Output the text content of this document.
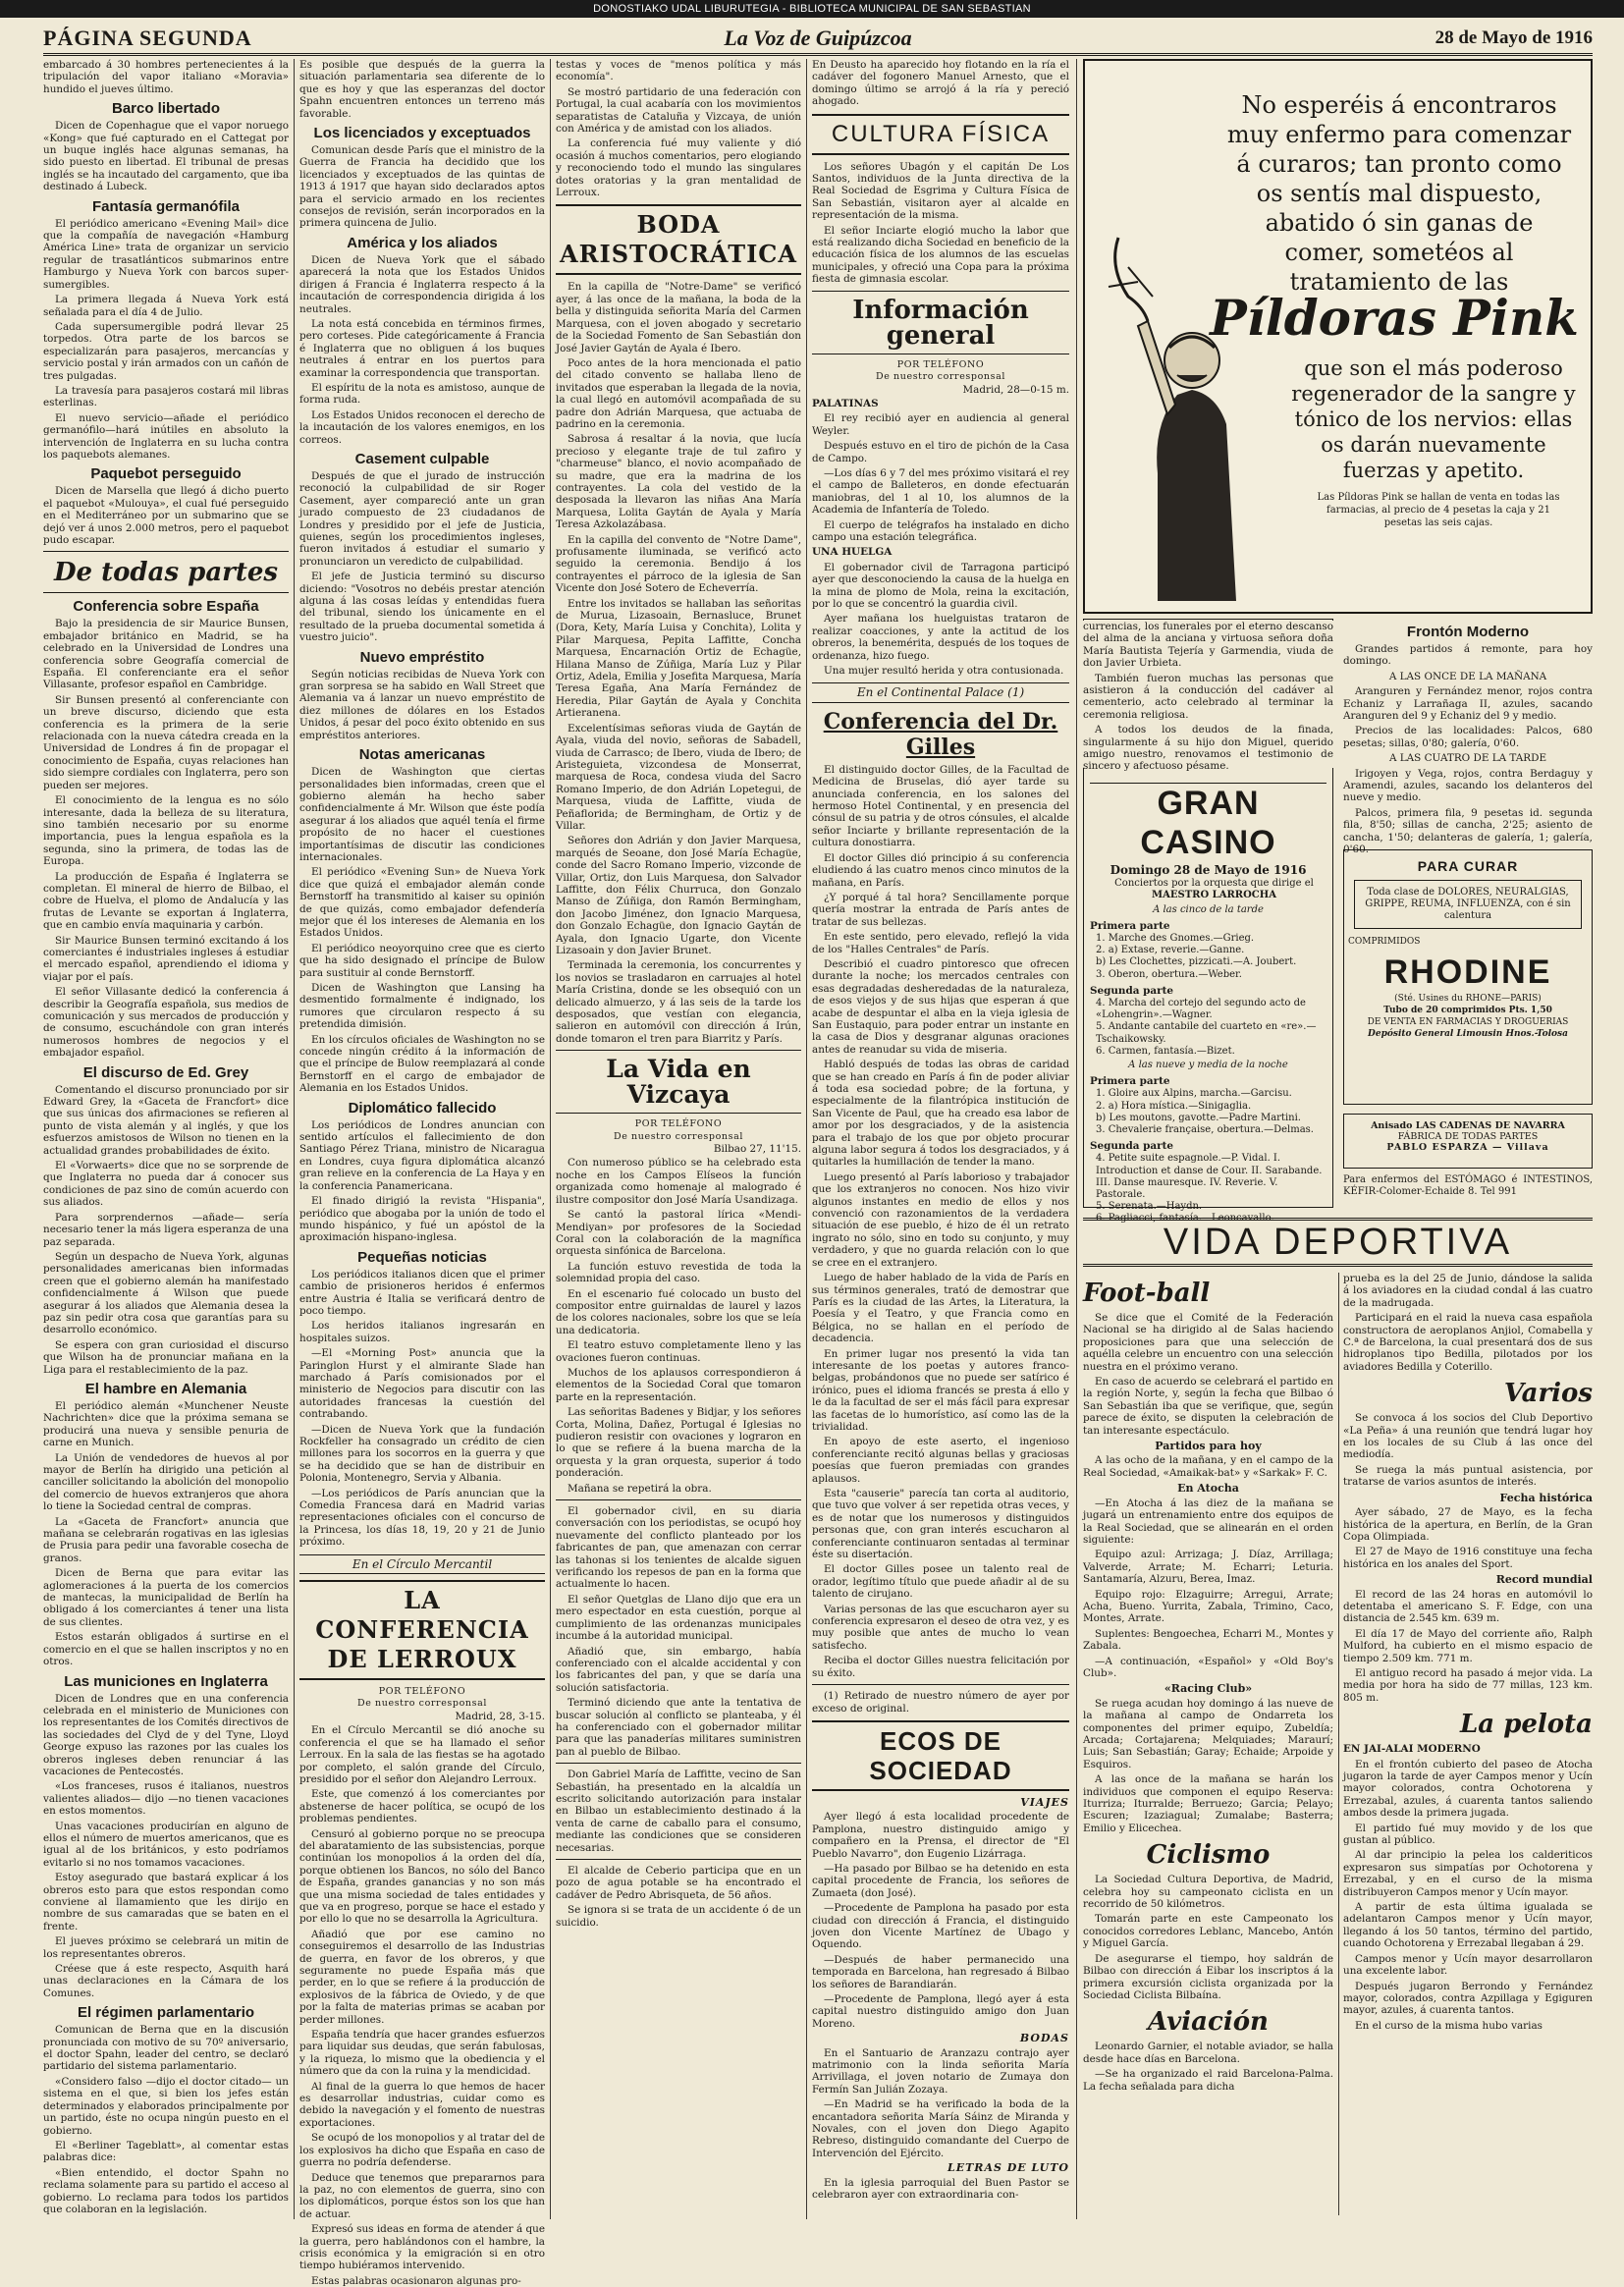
DONOSTIAKO UDAL LIBURUTEGIA - BIBLIOTECA MUNICIPAL DE SAN SEBASTIAN
PÁGINA SEGUNDA	La Voz de Guipúzcoa	28 de Mayo de 1916

embarcado á 30 hombres pertenecientes á la tripulación del vapor italiano «Moravia» hundido el jueves último.

Barco libertado

Dicen de Copenhague que el vapor noruego «Kong» que fué capturado en el Cattegat por un buque inglés hace algunas semanas, ha sido puesto en libertad. El tribunal de presas inglés se ha incautado del cargamento, que iba destinado á Lubeck.

Fantasía germanófila

El periódico americano «Evening Mail» dice que la compañía de navegación «Hamburg América Line» trata de organizar un servicio regular de trasatlánticos submarinos entre Hamburgo y Nueva York con barcos super-sumergibles.

La primera llegada á Nueva York está señalada para el día 4 de Julio.

Cada supersumergible podrá llevar 25 torpedos. Otra parte de los barcos se especializarán para pasajeros, mercancías y servicio postal y irán armados con un cañón de tres pulgadas.

La travesía para pasajeros costará mil libras esterlinas.

El nuevo servicio—añade el periódico germanófilo—hará inútiles en absoluto la intervención de Inglaterra en su lucha contra los paquebots alemanes.

Paquebot perseguido

Dicen de Marsella que llegó á dicho puerto el paquebot «Mulouya», el cual fué perseguido en el Mediterráneo por un submarino que se dejó ver á unos 2.000 metros, pero el paquebot pudo escapar.

De todas partes
Conferencia sobre España

Bajo la presidencia de sir Maurice Bunsen, embajador británico en Madrid, se ha celebrado en la Universidad de Londres una conferencia sobre Geografía comercial de España. El conferenciante era el señor Villasante, profesor español en Cambridge.

Sir Bunsen presentó al conferenciante con un breve discurso, diciendo que esta conferencia es la primera de la serie relacionada con la nueva cátedra creada en la Universidad de Londres á fin de propagar el conocimiento de España, cuyas relaciones han sido siempre cordiales con Inglaterra, pero son pueden ser mejores.

El conocimiento de la lengua es no sólo interesante, dada la belleza de su literatura, sino también necesario por su enorme importancia, pues la lengua española es la segunda, sino la primera, de todas las de Europa.

La producción de España é Inglaterra se completan. El mineral de hierro de Bilbao, el cobre de Huelva, el plomo de Andalucía y las frutas de Levante se exportan á Inglaterra, que en cambio envía maquinaria y carbón.

Sir Maurice Bunsen terminó excitando á los comerciantes é industriales ingleses á estudiar el mercado español, aprendiendo el idioma y viajar por el país.

El señor Villasante dedicó la conferencia á describir la Geografía española, sus medios de comunicación y sus mercados de producción y de consumo, escuchándole con gran interés numerosos hombres de negocios y el embajador español.

El discurso de Ed. Grey

Comentando el discurso pronunciado por sir Edward Grey, la «Gaceta de Francfort» dice que sus únicas dos afirmaciones se refieren al punto de vista alemán y al inglés, y que los esfuerzos amistosos de Wilson no tienen en la actualidad grandes probabilidades de éxito.

El «Vorwaerts» dice que no se sorprende de que Inglaterra no pueda dar á conocer sus condiciones de paz sino de común acuerdo con sus aliados.

Para sorprendernos —añade— sería necesario tener la más ligera esperanza de una paz separada.

Según un despacho de Nueva York, algunas personalidades americanas bien informadas creen que el gobierno alemán ha manifestado confidencialmente á Wilson que puede asegurar á los aliados que Alemania desea la paz sin pedir otra cosa que garantías para su desarrollo económico.

Se espera con gran curiosidad el discurso que Wilson ha de pronunciar mañana en la Liga para el restablecimiento de la paz.

El hambre en Alemania

El periódico alemán «Munchener Neuste Nachrichten» dice que la próxima semana se producirá una nueva y sensible penuria de carne en Munich.

La Unión de vendedores de huevos al por mayor de Berlín ha dirigido una petición al canciller solicitando la abolición del monopolio del comercio de huevos extranjeros que ahora lo tiene la Sociedad central de compras.

La «Gaceta de Francfort» anuncia que mañana se celebrarán rogativas en las iglesias de Prusia para pedir una favorable cosecha de granos.

Dicen de Berna que para evitar las aglomeraciones á la puerta de los comercios de mantecas, la municipalidad de Berlín ha obligado á los comerciantes á tener una lista de sus clientes.

Estos estarán obligados á surtirse en el comercio en el que se hallen inscriptos y no en otros.

Las municiones en Inglaterra

Dicen de Londres que en una conferencia celebrada en el ministerio de Municiones con los representantes de los Comités directivos de las sociedades del Clyd de y del Tyne, Lloyd George expuso las razones por las cuales los obreros ingleses deben renunciar á las vacaciones de Pentecostés.

«Los franceses, rusos é italianos, nuestros valientes aliados— dijo —no tienen vacaciones en estos momentos.

Unas vacaciones producirían en alguno de ellos el número de muertos americanos, que es igual al de los británicos, y esto podríamos evitarlo si no nos tomamos vacaciones.

Estoy asegurado que bastará explicar á los obreros esto para que estos respondan como conviene al llamamiento que les dirijo en nombre de sus camaradas que se baten en el frente.

El jueves próximo se celebrará un mitin de los representantes obreros.

Créese que á este respecto, Asquith hará unas declaraciones en la Cámara de los Comunes.

El régimen parlamentario

Comunican de Berna que en la discusión pronunciada con motivo de su 70º aniversario, el doctor Spahn, leader del centro, se declaró partidario del sistema parlamentario.

«Considero falso —dijo el doctor citado— un sistema en el que, si bien los jefes están determinados y elaborados principalmente por un partido, éste no ocupa ningún puesto en el gobierno.

El «Berliner Tageblatt», al comentar estas palabras dice:

«Bien entendido, el doctor Spahn no reclama solamente para su partido el acceso al gobierno. Lo reclama para todos los partidos que colaboran en la legislación.

Es posible que después de la guerra la situación parlamentaria sea diferente de lo que es hoy y que las esperanzas del doctor Spahn encuentren entonces un terreno más favorable.

Los licenciados y exceptuados

Comunican desde París que el ministro de la Guerra de Francia ha decidido que los licenciados y exceptuados de las quintas de 1913 á 1917 que hayan sido declarados aptos para el servicio armado en los recientes consejos de revisión, serán incorporados en la primera quincena de Julio.

América y los aliados

Dicen de Nueva York que el sábado aparecerá la nota que los Estados Unidos dirigen á Francia é Inglaterra respecto á la incautación de correspondencia dirigida á los neutrales.

La nota está concebida en términos firmes, pero corteses. Pide categóricamente á Francia é Inglaterra que no obliguen á los buques neutrales á entrar en los puertos para examinar la correspondencia que transportan.

El espíritu de la nota es amistoso, aunque de forma ruda.

Los Estados Unidos reconocen el derecho de la incautación de los valores enemigos, en los correos.

Casement culpable

Después de que el jurado de instrucción reconoció la culpabilidad de sir Roger Casement, ayer compareció ante un gran jurado compuesto de 23 ciudadanos de Londres y presidido por el jefe de Justicia, quienes, según los procedimientos ingleses, fueron invitados á estudiar el sumario y pronunciaron un veredicto de culpabilidad.

El jefe de Justicia terminó su discurso diciendo: "Vosotros no debéis prestar atención alguna á las cosas leídas y entendidas fuera del tribunal, siendo los únicamente en el resultado de la prueba documental sometida á vuestro juicio".

Nuevo empréstito

Según noticias recibidas de Nueva York con gran sorpresa se ha sabido en Wall Street que Alemania va á lanzar un nuevo empréstito de diez millones de dólares en los Estados Unidos, á pesar del poco éxito obtenido en sus empréstitos anteriores.

Notas americanas

Dicen de Washington que ciertas personalidades bien informadas, creen que el gobierno alemán ha hecho saber confidencialmente á Mr. Wilson que éste podía asegurar á los aliados que aquél tenía el firme propósito de no hacer el cuestiones importantísimas de discutir las condiciones internacionales.

El periódico «Evening Sun» de Nueva York dice que quizá el embajador alemán conde Bernstorff ha transmitido al kaiser su opinión de que quizás, como embajador defendería mejor que él los intereses de Alemania en los Estados Unidos.

El periódico neoyorquino cree que es cierto que ha sido designado el príncipe de Bulow para sustituir al conde Bernstorff.

Dicen de Washington que Lansing ha desmentido formalmente é indignado, los rumores que circularon respecto á su pretendida dimisión.

En los círculos oficiales de Washington no se concede ningún crédito á la información de que el príncipe de Bulow reemplazará al conde Bernstorff en el cargo de embajador de Alemania en los Estados Unidos.

Diplomático fallecido

Los periódicos de Londres anuncian con sentido artículos el fallecimiento de don Santiago Pérez Triana, ministro de Nicaragua en Londres, cuya figura diplomática alcanzó gran relieve en la conferencia de La Haya y en la conferencia Panamericana.

El finado dirigió la revista "Hispania", periódico que abogaba por la unión de todo el mundo hispánico, y fué un apóstol de la aproximación hispano-inglesa.

Pequeñas noticias

Los periódicos italianos dicen que el primer cambio de prisioneros heridos é enfermos entre Austria é Italia se verificará dentro de poco tiempo.

Los heridos italianos ingresarán en hospitales suizos.

—El «Morning Post» anuncia que la Paringlon Hurst y el almirante Slade han marchado á París comisionados por el ministerio de Negocios para discutir con las autoridades francesas la cuestión del contrabando.

—Dicen de Nueva York que la fundación Rockfeller ha consagrado un crédito de cien millones para los socorros en la guerra y que se ha decidido que se han de distribuir en Polonia, Montenegro, Servia y Albania.

—Los periódicos de París anuncian que la Comedia Francesa dará en Madrid varias representaciones oficiales con el concurso de la Princesa, los días 18, 19, 20 y 21 de Junio próximo.

En el Círculo Mercantil
LA CONFERENCIA DE LERROUX

POR TELÉFONO

De nuestro corresponsal

Madrid, 28, 3-15.

En el Círculo Mercantil se dió anoche su conferencia el que se ha llamado el señor Lerroux. En la sala de las fiestas se ha agotado por completo, el salón grande del Círculo, presidido por el señor don Alejandro Lerroux.

Este, que comenzó á los comerciantes por abstenerse de hacer política, se ocupó de los problemas pendientes.

Censuró al gobierno porque no se preocupa del abaratamiento de las subsistencias, porque continúan los monopolios á la orden del día, porque obtienen los Bancos, no sólo del Banco de España, grandes ganancias y no son más que una misma sociedad de tales entidades y que va en progreso, porque se hace el estado y por ello lo que no se desarrolla la Agricultura.

Añadió que por ese camino no conseguiremos el desarrollo de las Industrias de guerra, en favor de los obreros, y que seguramente no puede España más que perder, en lo que se refiere á la producción de explosivos de la fábrica de Oviedo, y de que por la falta de materias primas se acaban por perder millones.

España tendría que hacer grandes esfuerzos para liquidar sus deudas, que serán fabulosas, y la riqueza, lo mismo que la obediencia y el número que da con la ruina y la mendicidad.

Al final de la guerra lo que hemos de hacer es desarrollar industrias, cuidar como es debido la navegación y el fomento de nuestras exportaciones.

Se ocupó de los monopolios y al tratar del de los explosivos ha dicho que España en caso de guerra no podría defenderse.

Deduce que tenemos que prepararnos para la paz, no con elementos de guerra, sino con los diplomáticos, porque éstos son los que han de actuar.

Expresó sus ideas en forma de atender á que la guerra, pero hablándonos con el hambre, la crisis económica y la emigración si en otro tiempo hubiéramos intervenido.

Estas palabras ocasionaron algunas pro-

testas y voces de "menos política y más economía".

Se mostró partidario de una federación con Portugal, la cual acabaría con los movimientos separatistas de Cataluña y Vizcaya, de unión con América y de amistad con los aliados.

La conferencia fué muy valiente y dió ocasión á muchos comentarios, pero elogiando y reconociendo todo el mundo las singulares dotes oratorias y la gran mentalidad de Lerroux.

BODA ARISTOCRÁTICA

En la capilla de "Notre-Dame" se verificó ayer, á las once de la mañana, la boda de la bella y distinguida señorita María del Carmen Marquesa, con el joven abogado y secretario de la Sociedad Fomento de San Sebastián don José Javier Gaytán de Ayala é Ibero.

Poco antes de la hora mencionada el patio del citado convento se hallaba lleno de invitados que esperaban la llegada de la novia, la cual llegó en automóvil acompañada de su padre don Adrián Marquesa, que actuaba de padrino en la ceremonia.

Sabrosa á resaltar á la novia, que lucía precioso y elegante traje de tul zafiro y "charmeuse" blanco, el novio acompañado de su madre, que era la madrina de los contrayentes. La cola del vestido de la desposada la llevaron las niñas Ana María Marquesa, Lolita Gaytán de Ayala y María Teresa Azkolazábasa.

En la capilla del convento de "Notre Dame", profusamente iluminada, se verificó acto seguido la ceremonia. Bendijo á los contrayentes el párroco de la iglesia de San Vicente don José Sotero de Echeverría.

Entre los invitados se hallaban las señoritas de Murua, Lizasoain, Bernasluce, Brunet (Dora, Kety, María Luisa y Conchita), Lolita y Pilar Marquesa, Pepita Laffitte, Concha Marquesa, Encarnación Ortiz de Echagüe, Hilana Manso de Zúñiga, María Luz y Pilar Ortiz, Adela, Emilia y Josefita Marquesa, María Teresa Egaña, Ana María Fernández de Heredia, Pilar Gaytán de Ayala y Conchita Artieranena.

Excelentísimas señoras viuda de Gaytán de Ayala, viuda del novio, señoras de Sabadell, viuda de Carrasco; de Ibero, viuda de Ibero; de Aristeguieta, vizcondesa de Monserrat, marquesa de Roca, condesa viuda del Sacro Romano Imperio, de don Adrián Lopetegui, de Marquesa, viuda de Laffitte, viuda de Peñaflorida; de Bermingham, de Ortiz y de Villar.

Señores don Adrián y don Javier Marquesa, marqués de Seoane, don José María Echagüe, conde del Sacro Romano Imperio, vizconde de Villar, Ortiz, don Luis Marquesa, don Salvador Laffitte, don Félix Churruca, don Gonzalo Manso de Zúñiga, don Ramón Bermingham, don Jacobo Jiménez, don Ignacio Marquesa, don Gonzalo Echagüe, don Ignacio Gaytán de Ayala, don Ignacio Ugarte, don Vicente Lizasoain y don Javier Brunet.

Terminada la ceremonia, los concurrentes y los novios se trasladaron en carruajes al hotel María Cristina, donde se les obsequió con un delicado almuerzo, y á las seis de la tarde los desposados, que vestían con elegancia, salieron en automóvil con dirección á Irún, donde tomaron el tren para Biarritz y París.

La Vida en Vizcaya

POR TELÉFONO

De nuestro corresponsal

Bilbao 27, 11'15.

Con numeroso público se ha celebrado esta noche en los Campos Elíseos la función organizada como homenaje al malogrado é ilustre compositor don José María Usandizaga.

Se cantó la pastoral lírica «Mendi-Mendiyan» por profesores de la Sociedad Coral con la colaboración de la magnífica orquesta sinfónica de Barcelona.

La función estuvo revestida de toda la solemnidad propia del caso.

En el escenario fué colocado un busto del compositor entre guirnaldas de laurel y lazos de los colores nacionales, sobre los que se leía una dedicatoria.

El teatro estuvo completamente lleno y las ovaciones fueron continuas.

Muchos de los aplausos correspondieron á elementos de la Sociedad Coral que tomaron parte en la representación.

Las señoritas Badenes y Bidjar, y los señores Corta, Molina, Dañez, Portugal é Iglesias no pudieron resistir con ovaciones y lograron en lo que se refiere á la buena marcha de la orquesta y la gran orquesta, superior á todo ponderación.

Mañana se repetirá la obra.

El gobernador civil, en su diaria conversación con los periodistas, se ocupó hoy nuevamente del conflicto planteado por los fabricantes de pan, que amenazan con cerrar las tahonas si los tenientes de alcalde siguen verificando los repesos de pan en la forma que actualmente lo hacen.

El señor Quetglas de Llano dijo que era un mero espectador en esta cuestión, porque al cumplimiento de las ordenanzas municipales incumbe á la autoridad municipal.

Añadió que, sin embargo, había conferenciado con el alcalde accidental y con los fabricantes del pan, y que se daría una solución satisfactoria.

Terminó diciendo que ante la tentativa de buscar solución al conflicto se planteaba, y él ha conferenciado con el gobernador militar para que las panaderías militares suministren pan al pueblo de Bilbao.

Don Gabriel María de Laffitte, vecino de San Sebastián, ha presentado en la alcaldía un escrito solicitando autorización para instalar en Bilbao un establecimiento destinado á la venta de carne de caballo para el consumo, mediante las condiciones que se consideren necesarias.

El alcalde de Ceberio participa que en un pozo de agua potable se ha encontrado el cadáver de Pedro Abrisqueta, de 56 años.

Se ignora si se trata de un accidente ó de un suicidio.

En Deusto ha aparecido hoy flotando en la ría el cadáver del fogonero Manuel Arnesto, que el domingo último se arrojó á la ría y pereció ahogado.

CULTURA FÍSICA

Los señores Ubagón y el capitán De Los Santos, individuos de la Junta directiva de la Real Sociedad de Esgrima y Cultura Física de San Sebastián, visitaron ayer al alcalde en representación de la misma.

El señor Inciarte elogió mucho la labor que está realizando dicha Sociedad en beneficio de la educación física de los alumnos de las escuelas municipales, y ofreció una Copa para la próxima fiesta de gimnasia escolar.

Información general

POR TELÉFONO

De nuestro corresponsal

Madrid, 28—0-15 m.

PALATINAS

El rey recibió ayer en audiencia al general Weyler.

Después estuvo en el tiro de pichón de la Casa de Campo.

—Los días 6 y 7 del mes próximo visitará el rey el campo de Balleteros, en donde efectuarán maniobras, del 1 al 10, los alumnos de la Academia de Infantería de Toledo.

El cuerpo de telégrafos ha instalado en dicho campo una estación telegráfica.

UNA HUELGA

El gobernador civil de Tarragona participó ayer que desconociendo la causa de la huelga en la mina de plomo de Mola, reina la excitación, por lo que se concentró la guardia civil.

Ayer mañana los huelguistas trataron de realizar coacciones, y ante la actitud de los obreros, la benemérita, después de los toques de ordenanza, hizo fuego.

Una mujer resultó herida y otra contusionada.

En el Continental Palace (1)
Conferencia del Dr. Gilles

El distinguido doctor Gilles, de la Facultad de Medicina de Bruselas, dió ayer tarde su anunciada conferencia, en los salones del hermoso Hotel Continental, y en presencia del cónsul de su patria y de otros cónsules, el alcalde señor Inciarte y brillante representación de la cultura donostiarra.

El doctor Gilles dió principio á su conferencia eludiendo á las cuatro menos cinco minutos de la mañana, en París.

¿Y porqué á tal hora? Sencillamente porque quería mostrar la entrada de París antes de tratar de sus bellezas.

En este sentido, pero elevado, reflejó la vida de los "Halles Centrales" de París.

Describió el cuadro pintoresco que ofrecen durante la noche; los mercados centrales con esas degradadas desheredadas de la naturaleza, de esos viejos y de sus hijas que esperan á que acabe de despuntar el alba en la vieja iglesia de San Eustaquio, para poder entrar un instante en la casa de Dios y desgranar algunas oraciones antes de reanudar su vida de miseria.

Habló después de todas las obras de caridad que se han creado en París á fin de poder aliviar á toda esa sociedad pobre; de la fortuna, y especialmente de la filantrópica institución de San Vicente de Paul, que ha creado esa labor de amor por los desgraciados, y de la asistencia para el trabajo de los que por objeto procurar alguna labor segura á todos los desgraciados, y á quitarles la humillación de tender la mano.

Luego presentó al París laborioso y trabajador que los extranjeros no conocen. Nos hizo vivir algunos instantes en medio de ellos y nos convenció con razonamientos de la verdadera situación de ese pueblo, é hizo de él un retrato ingrato no sólo, sino en todo su conjunto, y muy verdadero, y que no guarda relación con lo que se cree en el extranjero.

Luego de haber hablado de la vida de París en sus términos generales, trató de demostrar que París es la ciudad de las Artes, la Literatura, la Poesía y el Teatro, y que Francia como en Bélgica, no se hallan en el período de decadencia.

En primer lugar nos presentó la vida tan interesante de los poetas y autores franco-belgas, probándonos que no puede ser satírico é irónico, pues el idioma francés se presta á ello y le da la facultad de ser el más fácil para expresar las facetas de lo humorístico, así como las de la trivialidad.

En apoyo de este aserto, el ingenioso conferenciante recitó algunas bellas y graciosas poesías que fueron premiadas con grandes aplausos.

Esta "causerie" parecía tan corta al auditorio, que tuvo que volver á ser repetida otras veces, y es de notar que los numerosos y distinguidos personas que, con gran interés escucharon al conferenciante continuaron sentadas al terminar éste su disertación.

El doctor Gilles posee un talento real de orador, legítimo título que puede añadir al de su talento de cirujano.

Varias personas de las que escucharon ayer su conferencia expresaron el deseo de otra vez, y es muy posible que antes de mucho lo vean satisfecho.

Reciba el doctor Gilles nuestra felicitación por su éxito.

(1) Retirado de nuestro número de ayer por exceso de original.

ECOS DE SOCIEDAD
VIAJES

Ayer llegó á esta localidad procedente de Pamplona, nuestro distinguido amigo y compañero en la Prensa, el director de "El Pueblo Navarro", don Eugenio Lizárraga.

—Ha pasado por Bilbao se ha detenido en esta capital procedente de Francia, los señores de Zumaeta (don José).

—Procedente de Pamplona ha pasado por esta ciudad con dirección á Francia, el distinguido joven don Vicente Martínez de Ubago y Oquendo.

—Después de haber permanecido una temporada en Barcelona, han regresado á Bilbao los señores de Barandiarán.

—Procedente de Pamplona, llegó ayer á esta capital nuestro distinguido amigo don Juan Moreno.

BODAS

En el Santuario de Aranzazu contrajo ayer matrimonio con la linda señorita María Arrivillaga, el joven notario de Zumaya don Fermín San Julián Zozaya.

—En Madrid se ha verificado la boda de la encantadora señorita María Sáinz de Miranda y Novales, con el joven don Diego Agapito Rebreso, distinguido comandante del Cuerpo de Intervención del Ejército.

LETRAS DE LUTO

En la iglesia parroquial del Buen Pastor se celebraron ayer con extraordinaria con-

No esperéis á encontraros muy enfermo para comenzar á curaros; tan pronto como os sentís mal dispuesto, abatido ó sin ganas de comer, sometéos al tratamiento de las
Píldoras Pink
que son el más poderoso regenerador de la sangre y tónico de los nervios: ellas os darán nuevamente fuerzas y apetito.
Las Píldoras Pink se hallan de venta en todas las farmacias, al precio de 4 pesetas la caja y 21 pesetas las seis cajas.
GRAN CASINO
Domingo 28 de Mayo de 1916

Conciertos por la orquesta que dirige el

MAESTRO LARROCHA

A las cinco de la tarde
Primera parte

1. Marche des Gnomes.—Grieg.

2. a) Extase, reverie.—Ganne.

b) Les Clochettes, pizzicati.—A. Joubert.

3. Oberon, obertura.—Weber.

Segunda parte

4. Marcha del cortejo del segundo acto de «Lohengrin».—Wagner.

5. Andante cantabile del cuarteto en «re».—Tschaikowsky.

6. Carmen, fantasía.—Bizet.

A las nueve y media de la noche
Primera parte

1. Gloire aux Alpins, marcha.—Garcisu.

2. a) Hora mística.—Sinigaglia.

b) Les moutons, gavotte.—Padre Martini.

3. Chevalerie française, obertura.—Delmas.

Segunda parte

4. Petite suite espagnole.—P. Vidal. I. Introduction et danse de Cour. II. Sarabande. III. Danse mauresque. IV. Reverie. V. Pastorale.

5. Serenata.—Haydn.

6. Pagliacci, fantasía.—Leoncavallo.

currencias, los funerales por el eterno descanso del alma de la anciana y virtuosa señora doña María Bautista Tejería y Garmendia, viuda de don Javier Urbieta.

También fueron muchas las personas que asistieron á la conducción del cadáver al cementerio, acto celebrado al terminar la ceremonia religiosa.

A todos los deudos de la finada, singularmente á su hijo don Miguel, querido amigo nuestro, renovamos el testimonio de sincero y afectuoso pésame.

Frontón Moderno

Grandes partidos á remonte, para hoy domingo.

A LAS ONCE DE LA MAÑANA

Aranguren y Fernández menor, rojos contra Echaniz y Larrañaga II, azules, sacando Aranguren del 9 y Echaniz del 9 y medio.

Precios de las localidades: Palcos, 680 pesetas; sillas, 0'80; galería, 0'60.

A LAS CUATRO DE LA TARDE

Irigoyen y Vega, rojos, contra Berdaguy y Aramendi, azules, sacando los delanteros del nueve y medio.

Palcos, primera fila, 9 pesetas id. segunda fila, 8'50; sillas de cancha, 2'25; asiento de cancha, 1'50; delanteras de galería, 1; galería, 0'60.

PARA CURAR
Toda clase de DOLORES, NEURALGIAS, GRIPPE, REUMA, INFLUENZA, con é sin calentura
COMPRIMIDOS
RHODINE
(Sté. Usines du RHONE—PARIS)
Tubo de 20 comprimidos Pts. 1,50
DE VENTA EN FARMACIAS Y DROGUERIAS
Depósito General Limousin Hnos.-Tolosa
Anisado LAS CADENAS DE NAVARRA
FÁBRICA DE TODAS PARTES
PABLO ESPARZA — Villava
Para enfermos del ESTÓMAGO é INTESTINOS, KÉFIR-Colomer-Echaide 8. Tel 991
VIDA DEPORTIVA
Foot-ball

Se dice que el Comité de la Federación Nacional se ha dirigido al de Salas haciendo proposiciones para que una selección de aquélla celebre un encuentro con una selección nuestra en el próximo verano.

En caso de acuerdo se celebrará el partido en la región Norte, y, según la fecha que Bilbao ó San Sebastián iba que se verifique, que, según parece de éxito, se disputen la celebración de tan interesante espectáculo.

Partidos para hoy

A las ocho de la mañana, y en el campo de la Real Sociedad, «Amaikak-bat» y «Sarkak» F. C.

En Atocha

—En Atocha á las diez de la mañana se jugará un entrenamiento entre dos equipos de la Real Sociedad, que se alinearán en el orden siguiente:

Equipo azul: Arrizaga; J. Díaz, Arrillaga; Valverde, Arrate; M. Echarri; Leturia. Santamaría, Alzuru, Berea, Imaz.

Equipo rojo: Elzaguirre; Arregui, Arrate; Acha, Bueno. Yurrita, Zabala, Trimino, Caco, Montes, Arrate.

Suplentes: Bengoechea, Echarri M., Montes y Zabala.

—A continuación, «Español» y «Old Boy's Club».

«Racing Club»

Se ruega acudan hoy domingo á las nueve de la mañana al campo de Ondarreta los componentes del primer equipo, Zubeldía; Arcada; Cortajarena; Melquiades; Maraurí; Luis; San Sebastián; Garay; Echaide; Arpoide y Esquiros.

A las once de la mañana se harán los individuos que componen el equipo Reserva: Iturriza; Iturralde; Berruezo; Garcia; Pelayo; Escuren; Izaziagual; Zumalabe; Basterra; Emilio y Elicechea.

Ciclismo

La Sociedad Cultura Deportiva, de Madrid, celebra hoy su campeonato ciclista en un recorrido de 50 kilómetros.

Tomarán parte en este Campeonato los conocidos corredores Leblanc, Mancebo, Antón y Miguel García.

De asegurarse el tiempo, hoy saldrán de Bilbao con dirección á Eibar los inscriptos á la primera excursión ciclista organizada por la Sociedad Ciclista Bilbaína.

Aviación

Leonardo Garnier, el notable aviador, se halla desde hace días en Barcelona.

—Se ha organizado el raid Barcelona-Palma. La fecha señalada para dicha

prueba es la del 25 de Junio, dándose la salida á los aviadores en la ciudad condal á las cuatro de la madrugada.

Participará en el raid la nueva casa española constructora de aeroplanos Anjiol, Comabella y C.ª de Barcelona, la cual presentará dos de sus hidroplanos tipo Bedilla, pilotados por los aviadores Bedilla y Coterillo.

Varios

Se convoca á los socios del Club Deportivo «La Peña» á una reunión que tendrá lugar hoy en los locales de su Club á las once del mediodía.

Se ruega la más puntual asistencia, por tratarse de varios asuntos de interés.

Fecha histórica

Ayer sábado, 27 de Mayo, es la fecha histórica de la apertura, en Berlín, de la Gran Copa Olimpiada.

El 27 de Mayo de 1916 constituye una fecha histórica en los anales del Sport.

Record mundial

El record de las 24 horas en automóvil lo detentaba el americano S. F. Edge, con una distancia de 2.545 km. 639 m.

El día 17 de Mayo del corriente año, Ralph Mulford, ha cubierto en el mismo espacio de tiempo 2.509 km. 771 m.

El antiguo record ha pasado á mejor vida. La media por hora ha sido de 77 millas, 123 km. 805 m.

La pelota

EN JAI-ALAI MODERNO

En el frontón cubierto del paseo de Atocha jugaron la tarde de ayer Campos menor y Ucín mayor colorados, contra Ochotorena y Errezabal, azules, á cuarenta tantos saliendo ambos desde la primera jugada.

El partido fué muy movido y de los que gustan al público.

Al dar principio la pelea los calderiticos expresaron sus simpatías por Ochotorena y Errezabal, y en el curso de la misma distribuyeron Campos menor y Ucín mayor.

A partir de esta última igualada se adelantaron Campos menor y Ucín mayor, llegando á los 50 tantos, término del partido, cuando Ochotorena y Errezabal llegaban á 29.

Campos menor y Ucín mayor desarrollaron una excelente labor.

Después jugaron Berrondo y Fernández mayor, colorados, contra Azpillaga y Egiguren mayor, azules, á cuarenta tantos.

En el curso de la misma hubo varias
